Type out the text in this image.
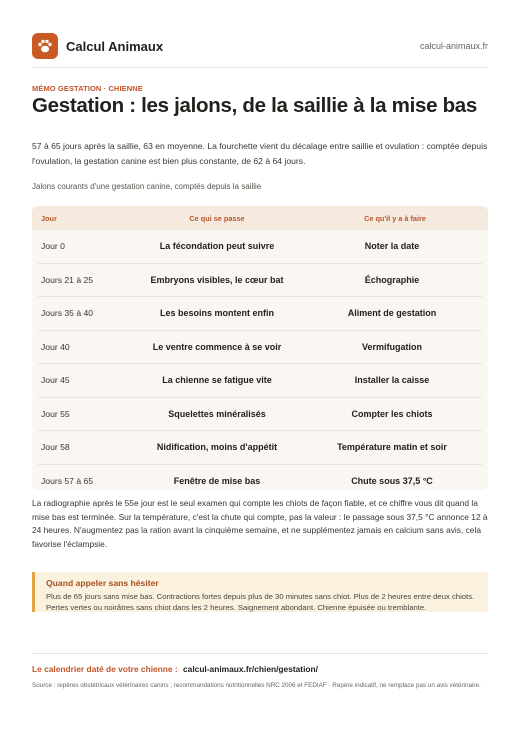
Calcul Animaux	calcul-animaux.fr
MÉMO GESTATION · CHIENNE
Gestation : les jalons, de la saillie à la mise bas
57 à 65 jours après la saillie, 63 en moyenne. La fourchette vient du décalage entre saillie et ovulation : comptée depuis l'ovulation, la gestation canine est bien plus constante, de 62 à 64 jours.
Jalons courants d'une gestation canine, comptés depuis la saillie
Jour	Ce qui se passe	Ce qu'il y a à faire
Jour 0	La fécondation peut suivre	Noter la date
Jours 21 à 25	Embryons visibles, le cœur bat	Échographie
Jours 35 à 40	Les besoins montent enfin	Aliment de gestation
Jour 40	Le ventre commence à se voir	Vermifugation
Jour 45	La chienne se fatigue vite	Installer la caisse
Jour 55	Squelettes minéralisés	Compter les chiots
Jour 58	Nidification, moins d'appétit	Température matin et soir
Jours 57 à 65	Fenêtre de mise bas	Chute sous 37,5 °C
La radiographie après le 55e jour est le seul examen qui compte les chiots de façon fiable, et ce chiffre vous dit quand la mise bas est terminée. Sur la température, c'est la chute qui compte, pas la valeur : le passage sous 37,5 °C annonce 12 à 24 heures. N'augmentez pas la ration avant la cinquième semaine, et ne supplémentez jamais en calcium sans avis, cela favorise l'éclampsie.
Quand appeler sans hésiter
Plus de 65 jours sans mise bas. Contractions fortes depuis plus de 30 minutes sans chiot. Plus de 2 heures entre deux chiots. Pertes vertes ou noirâtres sans chiot dans les 2 heures. Saignement abondant. Chienne épuisée ou tremblante.
Le calendrier daté de votre chienne : calcul-animaux.fr/chien/gestation/
Source : repères obstétricaux vétérinaires canins ; recommandations nutritionnelles NRC 2006 et FEDIAF · Repère indicatif, ne remplace pas un avis vétérinaire.
